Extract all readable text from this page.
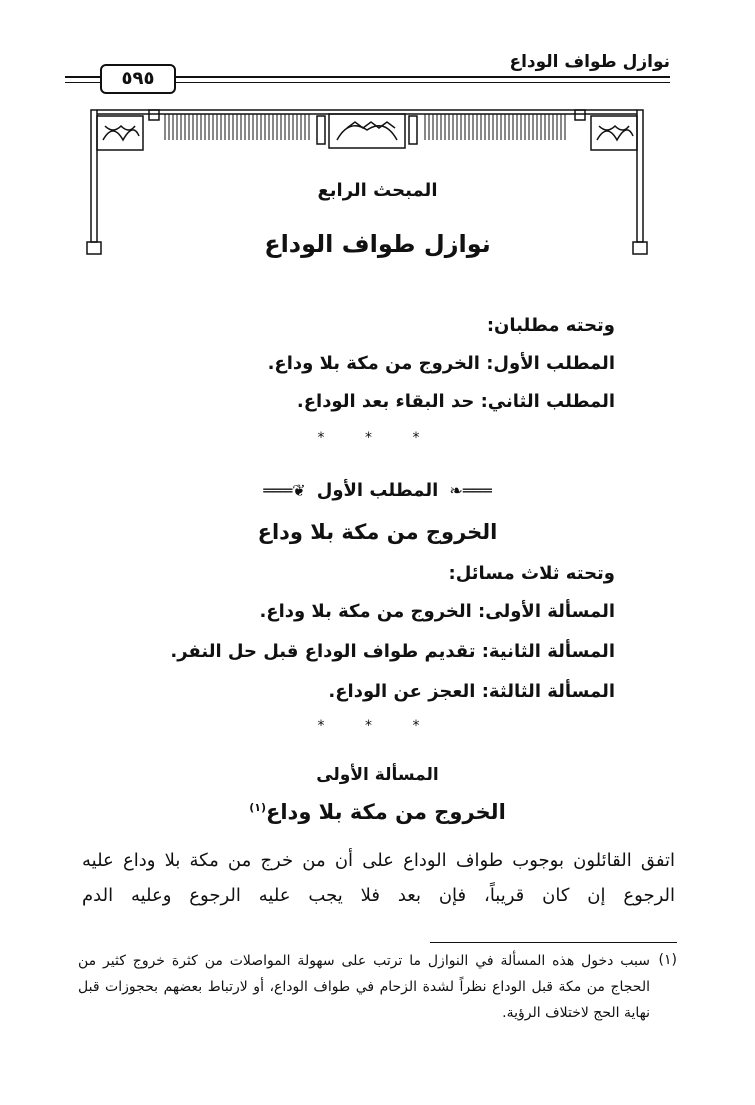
نوازل طواف الوداع
٥٩٥
المبحث الرابع
نوازل طواف الوداع
وتحته مطلبان:
المطلب الأول: الخروج من مكة بلا وداع.
المطلب الثاني: حد البقاء بعد الوداع.
* * *
═══❦ المطلب الأول ❧═══
الخروج من مكة بلا وداع
وتحته ثلاث مسائل:
المسألة الأولى: الخروج من مكة بلا وداع.
المسألة الثانية: تقديم طواف الوداع قبل حل النفر.
المسألة الثالثة: العجز عن الوداع.
* * *
المسألة الأولى
الخروج من مكة بلا وداع$^{(١)}$
اتفق القائلون بوجوب طواف الوداع على أن من خرج من مكة بلا وداع عليه الرجوع إن كان قريباً، فإن بعد فلا يجب عليه الرجوع وعليه الدم
(١)
سبب دخول هذه المسألة في النوازل ما ترتب على سهولة المواصلات من كثرة خروج كثير من الحجاج من مكة قبل الوداع نظراً لشدة الزحام في طواف الوداع، أو لارتباط بعضهم بحجوزات قبل نهاية الحج لاختلاف الرؤية.
